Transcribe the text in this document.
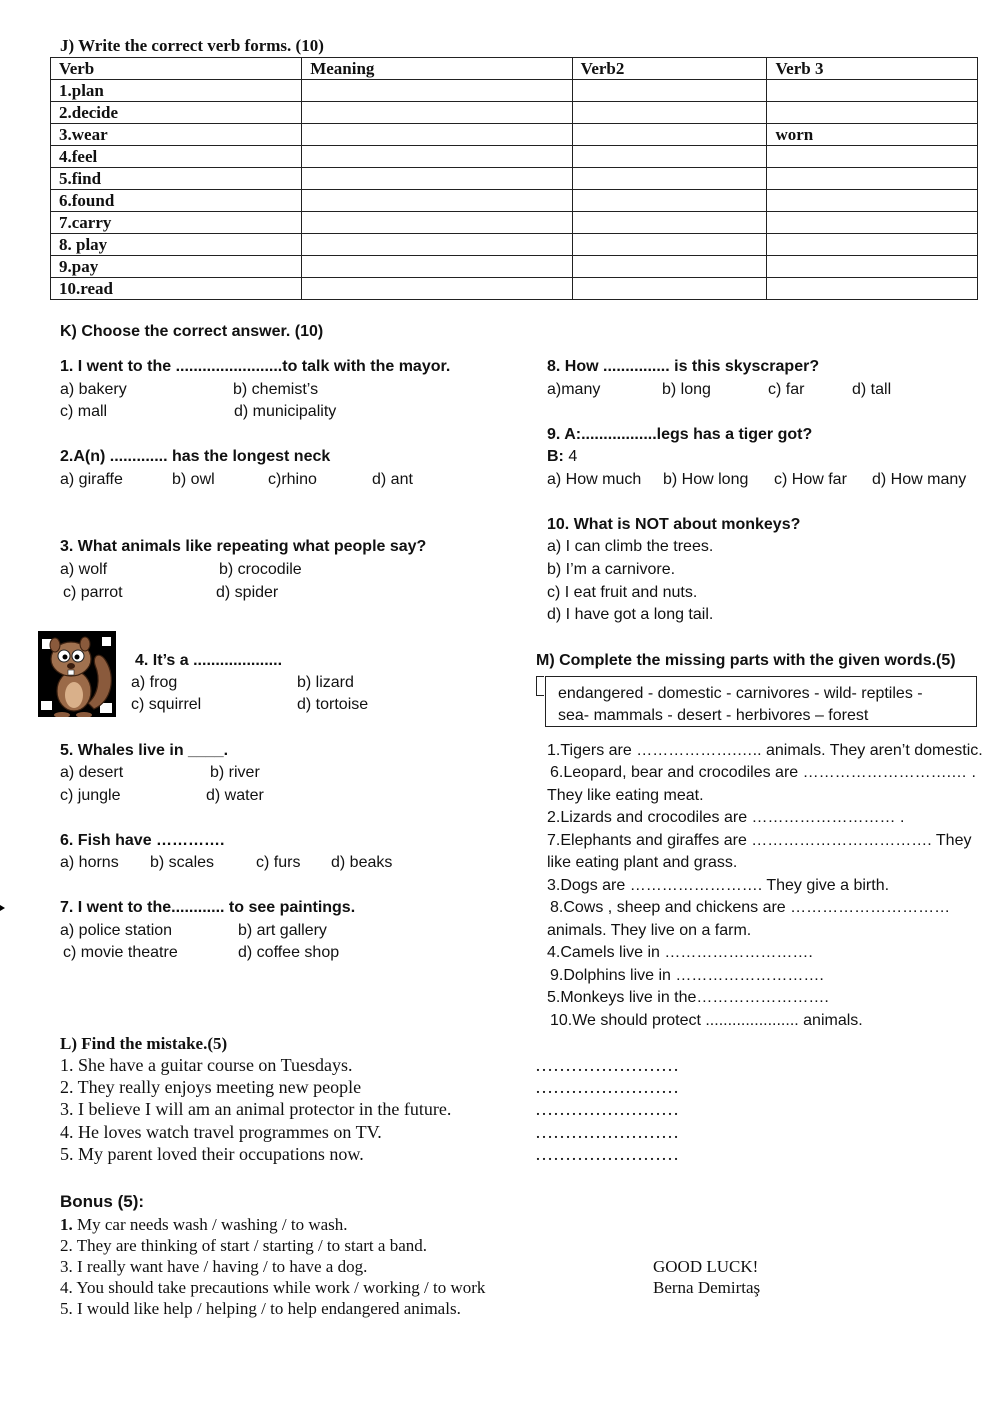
J) Write the correct verb forms. (10)
Verb	Meaning	Verb2	Verb 3
1.plan			
2.decide			
3.wear			worn
4.feel			
5.find			
6.found			
7.carry			
8. play			
9.pay			
10.read			
K) Choose the correct answer. (10)
1. I went to the ........................to talk with the mayor.
a) bakery	b) chemist’s
c) mall	d) municipality
2.A(n) ............. has the longest neck
a) giraffe	b) owl	c)rhino	d) ant
3. What animals like repeating what people say?
a) wolf	b) crocodile
c) parrot	d) spider
4. It’s a ....................
a) frog	b) lizard
c) squirrel	d) tortoise
5. Whales live in ____.
a) desert	b) river
c) jungle	d) water
6. Fish have ………….
a) horns b) scales	c) furs d) beaks
7. I went to the............ to see paintings.
a) police station	b) art gallery
c) movie theatre	d) coffee shop
8. How ............... is this skyscraper?
a)many	b) long	c) far	d) tall
9. A:.................legs has a tiger got?
B: 4
a) How much b) How long c) How far d) How many
10. What is NOT about monkeys?
a) I can climb the trees.
b) I’m a carnivore.
c) I eat fruit and nuts.
d) I have got a long tail.
M) Complete the missing parts with the given words.(5)
endangered - domestic - carnivores - wild- reptiles -
sea- mammals - desert - herbivores – forest
1.Tigers are ……………….….. animals. They aren’t domestic.
6.Leopard, bear and crocodiles are ……………………….… .
They like eating meat.
2.Lizards and crocodiles are ……………………… .
7.Elephants and giraffes are ……………………………. They
like eating plant and grass.
3.Dogs are ……………………. They give a birth.
8.Cows , sheep and chickens are …………………………
animals. They live on a farm.
4.Camels live in ……………………….
9.Dolphins live in ……………………….
5.Monkeys live in the…………………….
10.We should protect ..................... animals.
L) Find the mistake.(5)
1. She have a guitar course on Tuesdays.
2. They really enjoys meeting new people
3. I believe I will am an animal protector in the future.
4. He loves watch travel programmes on TV.
5. My parent loved their occupations now.
……………………
……………………
……………………
……………………
……………………
Bonus (5):
1. My car needs wash / washing / to wash.
2. They are thinking of start / starting / to start a band.
3. I really want have / having / to have a dog.
4. You should take precautions while work / working / to work
5. I would like help / helping / to help endangered animals.
GOOD LUCK!
Berna Demirtaş
